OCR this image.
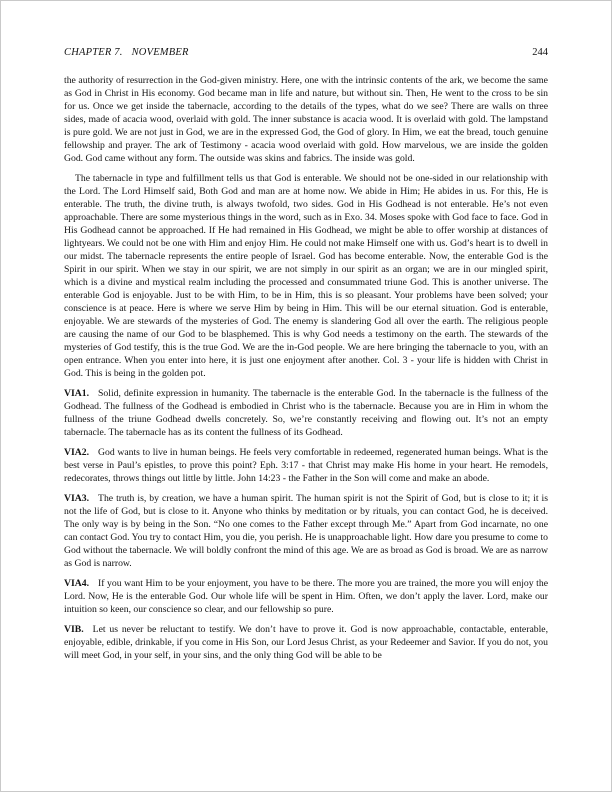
CHAPTER 7. NOVEMBER	244

the authority of resurrection in the God-given ministry. Here, one with the intrinsic contents of the ark, we become the same as God in Christ in His economy. God became man in life and nature, but without sin. Then, He went to the cross to be sin for us. Once we get inside the tabernacle, according to the details of the types, what do we see? There are walls on three sides, made of acacia wood, overlaid with gold. The inner substance is acacia wood. It is overlaid with gold. The lampstand is pure gold. We are not just in God, we are in the expressed God, the God of glory. In Him, we eat the bread, touch genuine fellowship and prayer. The ark of Testimony - acacia wood overlaid with gold. How marvelous, we are inside the golden God. God came without any form. The outside was skins and fabrics. The inside was gold.

The tabernacle in type and fulfillment tells us that God is enterable. We should not be one-sided in our relationship with the Lord. The Lord Himself said, Both God and man are at home now. We abide in Him; He abides in us. For this, He is enterable. The truth, the divine truth, is always twofold, two sides. God in His Godhead is not enterable. He’s not even approachable. There are some mysterious things in the word, such as in Exo. 34. Moses spoke with God face to face. God in His Godhead cannot be approached. If He had remained in His Godhead, we might be able to offer worship at distances of lightyears. We could not be one with Him and enjoy Him. He could not make Himself one with us. God’s heart is to dwell in our midst. The tabernacle represents the entire people of Israel. God has become enterable. Now, the enterable God is the Spirit in our spirit. When we stay in our spirit, we are not simply in our spirit as an organ; we are in our mingled spirit, which is a divine and mystical realm including the processed and consummated triune God. This is another universe. The enterable God is enjoyable. Just to be with Him, to be in Him, this is so pleasant. Your problems have been solved; your conscience is at peace. Here is where we serve Him by being in Him. This will be our eternal situation. God is enterable, enjoyable. We are stewards of the mysteries of God. The enemy is slandering God all over the earth. The religious people are causing the name of our God to be blasphemed. This is why God needs a testimony on the earth. The stewards of the mysteries of God testify, this is the true God. We are the in-God people. We are here bringing the tabernacle to you, with an open entrance. When you enter into here, it is just one enjoyment after another. Col. 3 - your life is hidden with Christ in God. This is being in the golden pot.

VIA1. Solid, definite expression in humanity. The tabernacle is the enterable God. In the tabernacle is the fullness of the Godhead. The fullness of the Godhead is embodied in Christ who is the tabernacle. Because you are in Him in whom the fullness of the triune Godhead dwells concretely. So, we’re constantly receiving and flowing out. It’s not an empty tabernacle. The tabernacle has as its content the fullness of its Godhead.

VIA2. God wants to live in human beings. He feels very comfortable in redeemed, regenerated human beings. What is the best verse in Paul’s epistles, to prove this point? Eph. 3:17 - that Christ may make His home in your heart. He remodels, redecorates, throws things out little by little. John 14:23 - the Father in the Son will come and make an abode.

VIA3. The truth is, by creation, we have a human spirit. The human spirit is not the Spirit of God, but is close to it; it is not the life of God, but is close to it. Anyone who thinks by meditation or by rituals, you can contact God, he is deceived. The only way is by being in the Son. “No one comes to the Father except through Me.” Apart from God incarnate, no one can contact God. You try to contact Him, you die, you perish. He is unapproachable light. How dare you presume to come to God without the tabernacle. We will boldly confront the mind of this age. We are as broad as God is broad. We are as narrow as God is narrow.

VIA4. If you want Him to be your enjoyment, you have to be there. The more you are trained, the more you will enjoy the Lord. Now, He is the enterable God. Our whole life will be spent in Him. Often, we don’t apply the laver. Lord, make our intuition so keen, our conscience so clear, and our fellowship so pure.

VIB. Let us never be reluctant to testify. We don’t have to prove it. God is now approachable, contactable, enterable, enjoyable, edible, drinkable, if you come in His Son, our Lord Jesus Christ, as your Redeemer and Savior. If you do not, you will meet God, in your self, in your sins, and the only thing God will be able to be
